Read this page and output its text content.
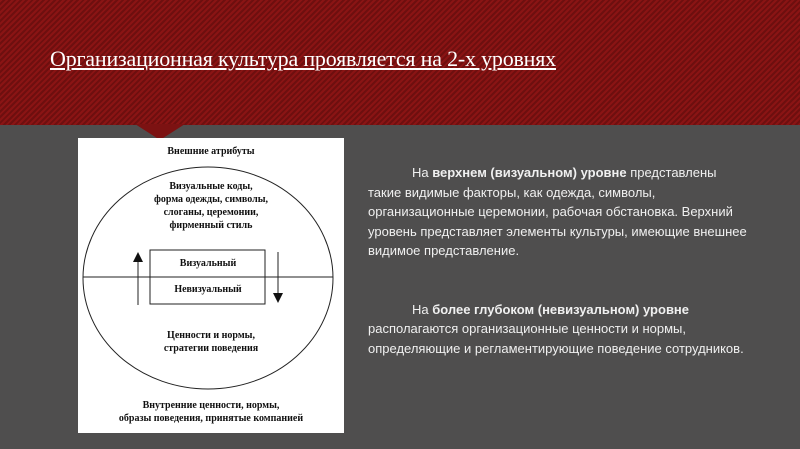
Организационная культура проявляется на 2-х уровнях
Внешние атрибуты
Визуальные коды,
форма одежды, символы,
слоганы, церемонии,
фирменный стиль
Визуальный
Невизуальный
Ценности и нормы,
стратегии поведения
Внутренние ценности, нормы,
образы поведения, принятые компанией

На верхнем (визуальном) уровне представлены такие видимые факторы, как одежда, символы, организационные церемонии, рабочая обстановка. Верхний уровень представляет элементы культуры, имеющие внешнее видимое представление.

На более глубоком (невизуальном) уровне располагаются организационные ценности и нормы, определяющие и регламентирующие поведение сотрудников.
